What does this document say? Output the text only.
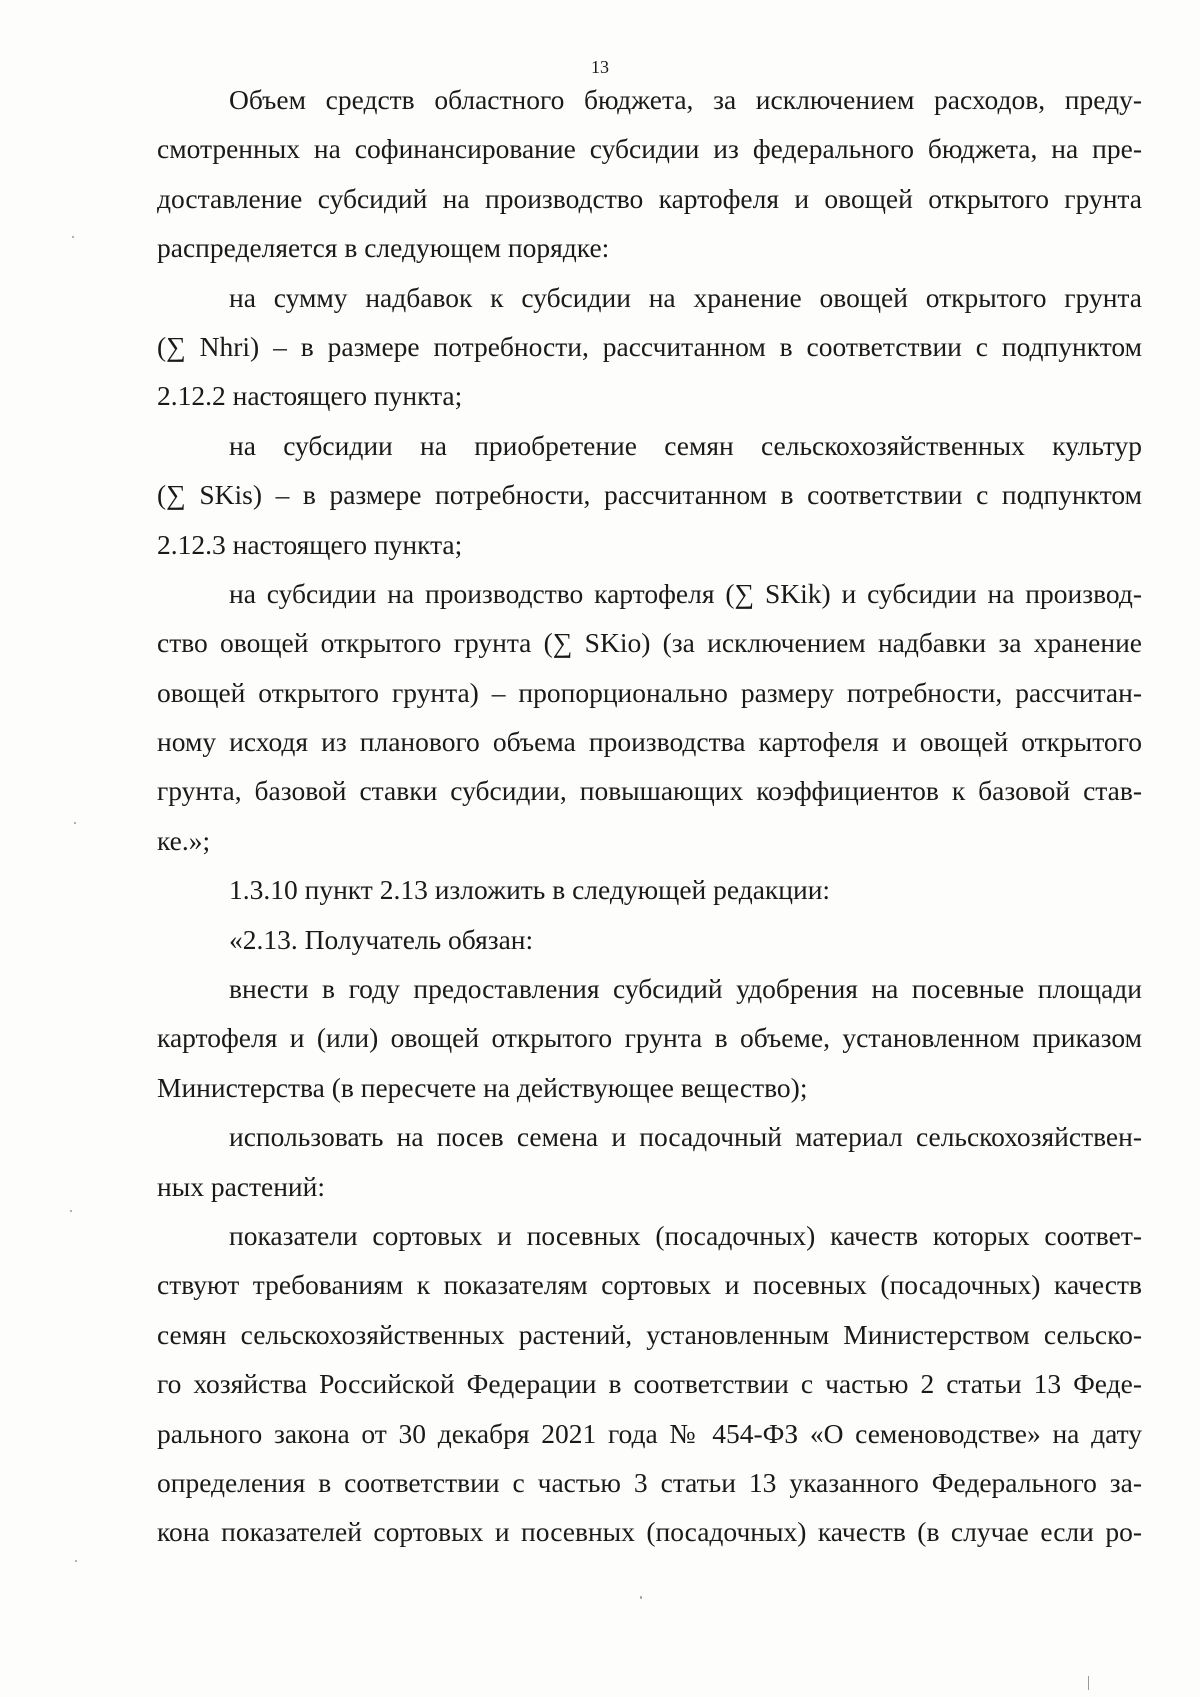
13
Объем средств областного бюджета, за исключением расходов, преду-
смотренных на софинансирование субсидии из федерального бюджета, на пре-
доставление субсидий на производство картофеля и овощей открытого грунта
распределяется в следующем порядке:
на сумму надбавок к субсидии на хранение овощей открытого грунта
(∑ Nhri) – в размере потребности, рассчитанном в соответствии с подпунктом
2.12.2 настоящего пункта;
на субсидии на приобретение семян сельскохозяйственных культур
(∑ SKis) – в размере потребности, рассчитанном в соответствии с подпунктом
2.12.3 настоящего пункта;
на субсидии на производство картофеля (∑ SKik) и субсидии на производ-
ство овощей открытого грунта (∑ SKio) (за исключением надбавки за хранение
овощей открытого грунта) – пропорционально размеру потребности, рассчитан-
ному исходя из планового объема производства картофеля и овощей открытого
грунта, базовой ставки субсидии, повышающих коэффициентов к базовой став-
ке.»;
1.3.10 пункт 2.13 изложить в следующей редакции:
«2.13. Получатель обязан:
внести в году предоставления субсидий удобрения на посевные площади
картофеля и (или) овощей открытого грунта в объеме, установленном приказом
Министерства (в пересчете на действующее вещество);
использовать на посев семена и посадочный материал сельскохозяйствен-
ных растений:
показатели сортовых и посевных (посадочных) качеств которых соответ-
ствуют требованиям к показателям сортовых и посевных (посадочных) качеств
семян сельскохозяйственных растений, установленным Министерством сельско-
го хозяйства Российской Федерации в соответствии с частью 2 статьи 13 Феде-
рального закона от 30 декабря 2021 года № 454-ФЗ «О семеноводстве» на дату
определения в соответствии с частью 3 статьи 13 указанного Федерального за-
кона показателей сортовых и посевных (посадочных) качеств (в случае если ро-
